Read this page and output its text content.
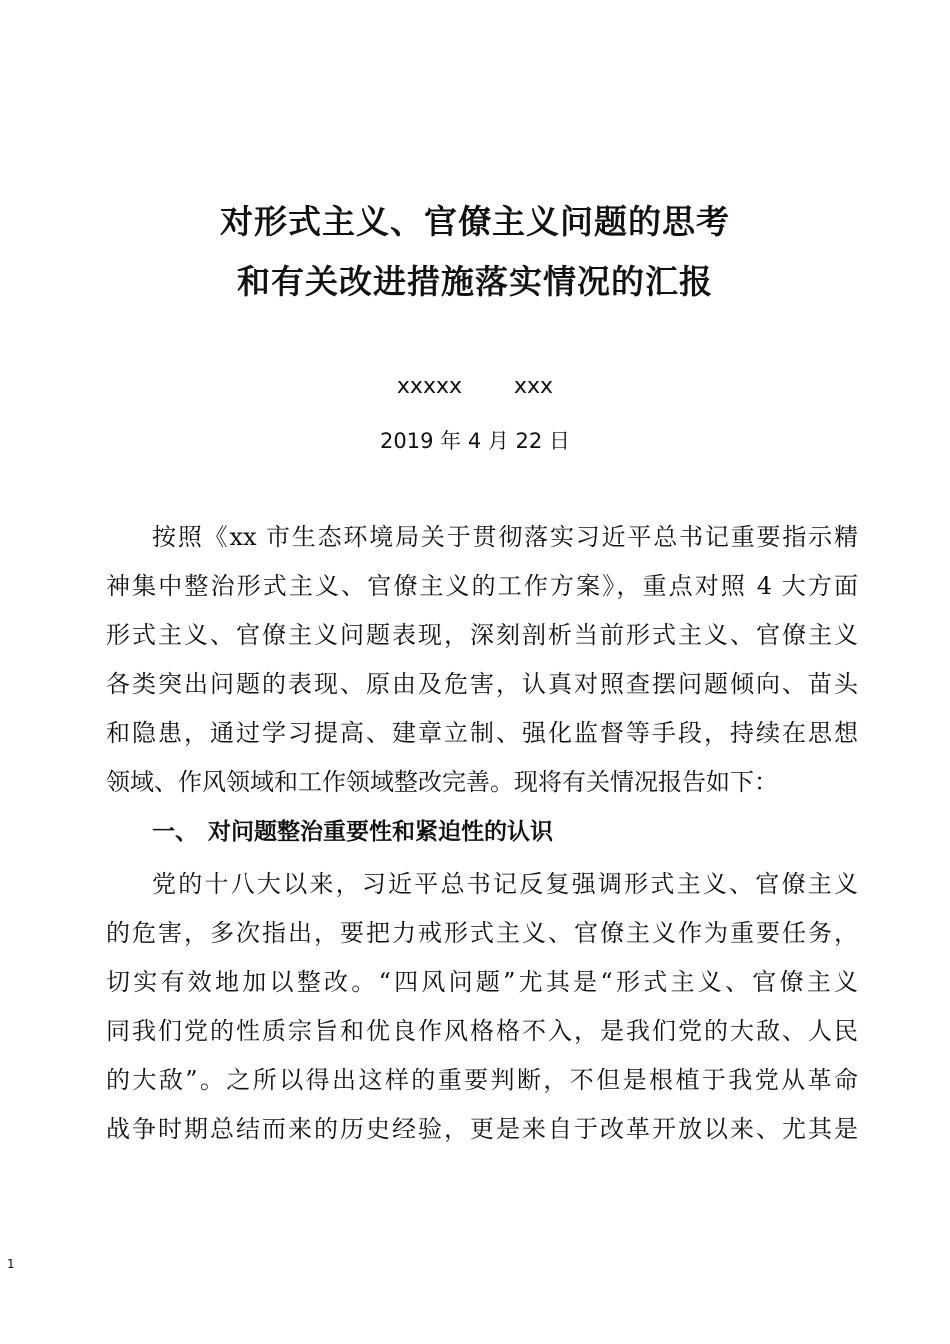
对形式主义、官僚主义问题的思考
和有关改进措施落实情况的汇报
xxxxx xxx
2019 年 4 月 22 日
按照《xx 市生态环境局关于贯彻落实习近平总书记重要指示精
神集中整治形式主义、官僚主义的工作方案》，重点对照 4 大方面
形式主义、官僚主义问题表现，深刻剖析当前形式主义、官僚主义
各类突出问题的表现、原由及危害，认真对照查摆问题倾向、苗头
和隐患，通过学习提高、建章立制、强化监督等手段，持续在思想
领域、作风领域和工作领域整改完善。现将有关情况报告如下：
一、 对问题整治重要性和紧迫性的认识
党的十八大以来，习近平总书记反复强调形式主义、官僚主义
的危害，多次指出，要把力戒形式主义、官僚主义作为重要任务，
切实有效地加以整改。“四风问题”尤其是“形式主义、官僚主义
同我们党的性质宗旨和优良作风格格不入，是我们党的大敌、人民
的大敌”。之所以得出这样的重要判断，不但是根植于我党从革命
战争时期总结而来的历史经验，更是来自于改革开放以来、尤其是
1
